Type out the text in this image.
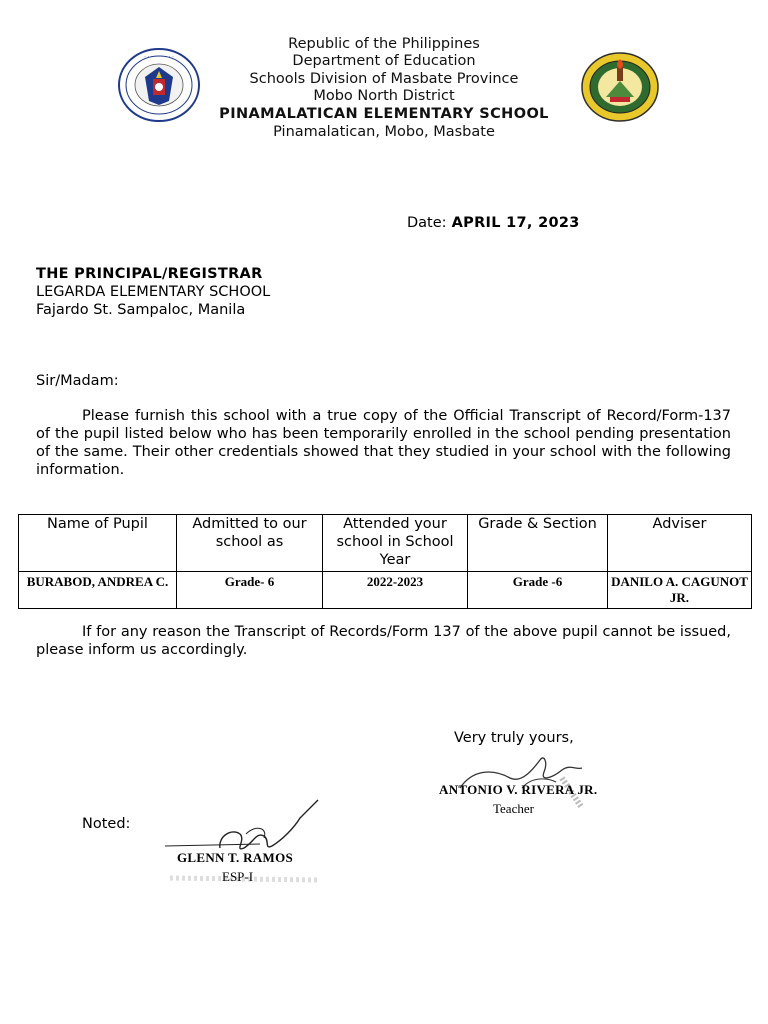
· · · · · · · · ·
Republic of the Philippines
Department of Education
Schools Division of Masbate Province
Mobo North District
PINAMALATICAN ELEMENTARY SCHOOL
Pinamalatican, Mobo, Masbate
Date: APRIL 17, 2023
THE PRINCIPAL/REGISTRAR
LEGARDA ELEMENTARY SCHOOL
Fajardo St. Sampaloc, Manila
Sir/Madam:
Please furnish this school with a true copy of the Official Transcript of Record/Form-137 of the pupil listed below who has been temporarily enrolled in the school pending presentation of the same. Their other credentials showed that they studied in your school with the following information.
Name of Pupil	Admitted to our school as	Attended your school in School Year	Grade & Section	Adviser
BURABOD, ANDREA C.	Grade- 6	2022-2023	Grade -6	DANILO A. CAGUNOT JR.
If for any reason the Transcript of Records/Form 137 of the above pupil cannot be issued, please inform us accordingly.
Very truly yours,
ANTONIO V. RIVERA JR.
Teacher
Noted:
GLENN T. RAMOS
ESP-I
